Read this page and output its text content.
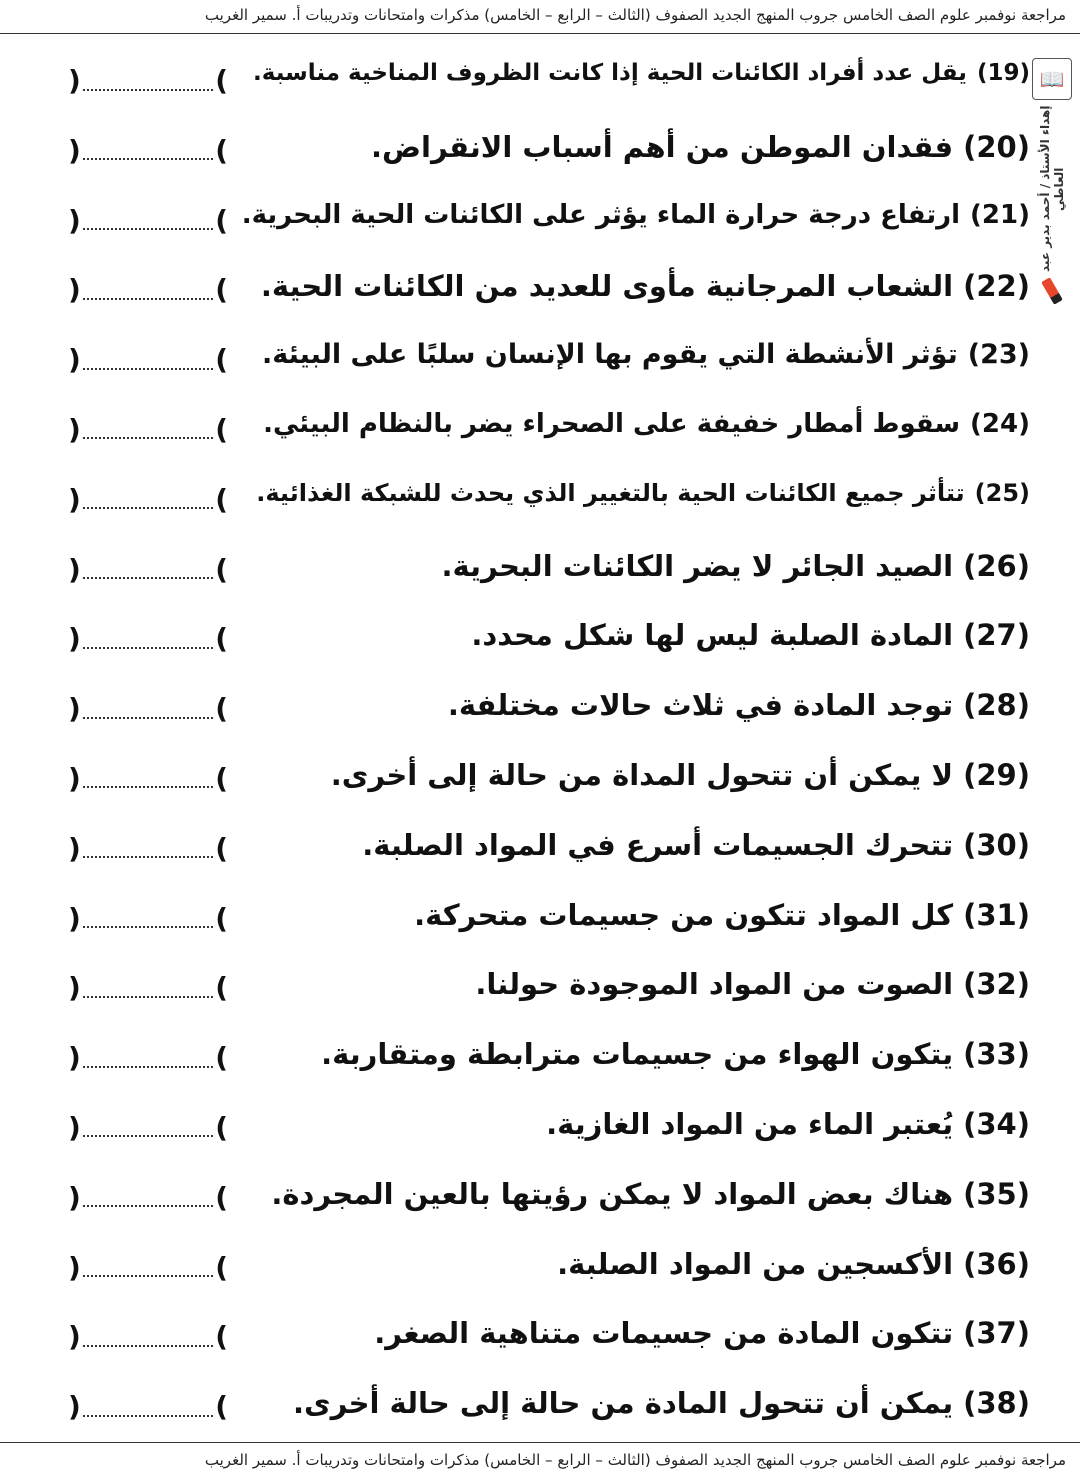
مراجعة نوفمبر علوم الصف الخامس جروب المنهج الجديد الصفوف (الثالث – الرابع – الخامس) مذكرات وامتحانات وتدريبات أ. سمير الغريب
📖
إهداء الأستاذ / أحمد بدير عبد العاطي
(19)يقل عدد أفراد الكائنات الحية إذا كانت الظروف المناخية مناسبة.
)	(
(20)فقدان الموطن من أهم أسباب الانقراض.
)	(
(21)ارتفاع درجة حرارة الماء يؤثر على الكائنات الحية البحرية.
)	(
(22)الشعاب المرجانية مأوى للعديد من الكائنات الحية.
)	(
(23)تؤثر الأنشطة التي يقوم بها الإنسان سلبًا على البيئة.
)	(
(24)سقوط أمطار خفيفة على الصحراء يضر بالنظام البيئي.
)	(
(25)تتأثر جميع الكائنات الحية بالتغيير الذي يحدث للشبكة الغذائية.
)	(
(26)الصيد الجائر لا يضر الكائنات البحرية.
)	(
(27)المادة الصلبة ليس لها شكل محدد.
)	(
(28)توجد المادة في ثلاث حالات مختلفة.
)	(
(29)لا يمكن أن تتحول المداة من حالة إلى أخرى.
)	(
(30)تتحرك الجسيمات أسرع في المواد الصلبة.
)	(
(31)كل المواد تتكون من جسيمات متحركة.
)	(
(32)الصوت من المواد الموجودة حولنا.
)	(
(33)يتكون الهواء من جسيمات مترابطة ومتقاربة.
)	(
(34)يُعتبر الماء من المواد الغازية.
)	(
(35)هناك بعض المواد لا يمكن رؤيتها بالعين المجردة.
)	(
(36)الأكسجين من المواد الصلبة.
)	(
(37)تتكون المادة من جسيمات متناهية الصغر.
)	(
(38)يمكن أن تتحول المادة من حالة إلى حالة أخرى.
)	(
مراجعة نوفمبر علوم الصف الخامس جروب المنهج الجديد الصفوف (الثالث – الرابع – الخامس) مذكرات وامتحانات وتدريبات أ. سمير الغريب
